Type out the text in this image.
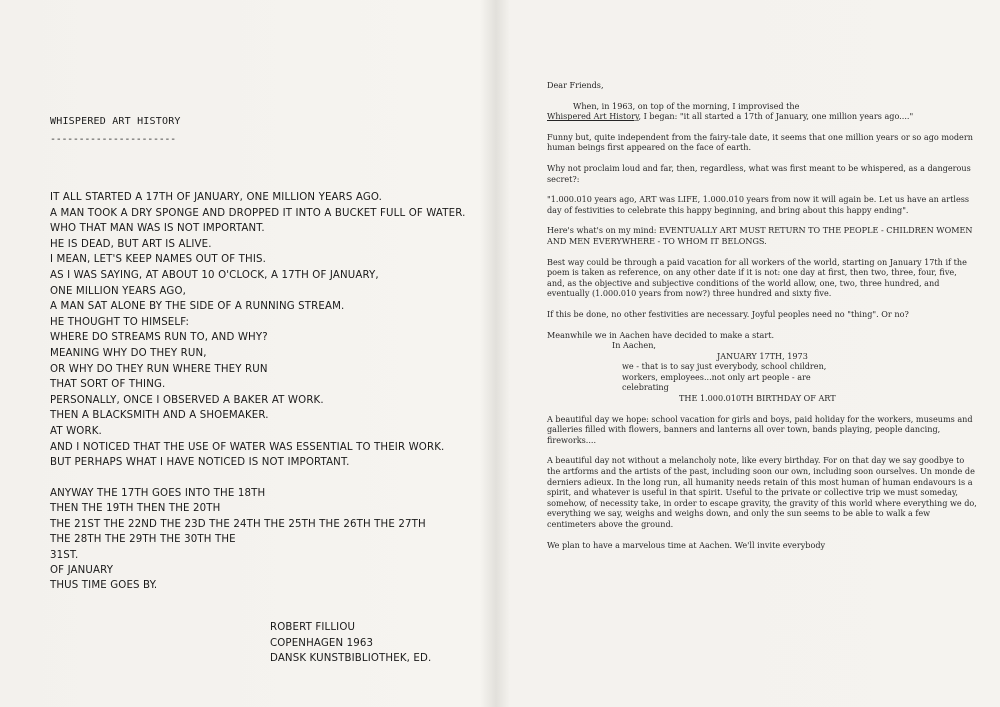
WHISPERED ART HISTORY
----------------------
IT ALL STARTED A 17TH OF JANUARY, ONE MILLION YEARS AGO.
A MAN TOOK A DRY SPONGE AND DROPPED IT INTO A BUCKET FULL OF WATER.
WHO THAT MAN WAS IS NOT IMPORTANT.
HE IS DEAD, BUT ART IS ALIVE.
I MEAN, LET'S KEEP NAMES OUT OF THIS.
AS I WAS SAYING, AT ABOUT 10 O'CLOCK, A 17TH OF JANUARY,
ONE MILLION YEARS AGO,
A MAN SAT ALONE BY THE SIDE OF A RUNNING STREAM.
HE THOUGHT TO HIMSELF:
WHERE DO STREAMS RUN TO, AND WHY?
MEANING WHY DO THEY RUN,
OR WHY DO THEY RUN WHERE THEY RUN
THAT SORT OF THING.
PERSONALLY, ONCE I OBSERVED A BAKER AT WORK.
THEN A BLACKSMITH AND A SHOEMAKER.
AT WORK.
AND I NOTICED THAT THE USE OF WATER WAS ESSENTIAL TO THEIR WORK.
BUT PERHAPS WHAT I HAVE NOTICED IS NOT IMPORTANT.
ANYWAY THE 17TH GOES INTO THE 18TH
THEN THE 19TH THEN THE 20TH
THE 21ST THE 22ND THE 23D THE 24TH THE 25TH THE 26TH THE 27TH
THE 28TH THE 29TH THE 30TH THE
31ST.
OF JANUARY
THUS TIME GOES BY.
ROBERT FILLIOU
COPENHAGEN 1963
DANSK KUNSTBIBLIOTHEK, ED.

Dear Friends,

When, in 1963, on top of the morning, I improvised the
Whispered Art History, I began: "it all started a 17th of January, one million years ago...."

Funny but, quite independent from the fairy-tale date, it seems that one million years or so ago modern human beings first appeared on the face of earth.

Why not proclaim loud and far, then, regardless, what was first meant to be whispered, as a dangerous secret?:

"1.000.010 years ago, ART was LIFE, 1.000.010 years from now it will again be. Let us have an artless day of festivities to celebrate this happy beginning, and bring about this happy ending".

Here's what's on my mind: EVENTUALLY ART MUST RETURN TO THE PEOPLE - CHILDREN WOMEN AND MEN EVERYWHERE - TO WHOM IT BELONGS.

Best way could be through a paid vacation for all workers of the world, starting on January 17th if the poem is taken as reference, on any other date if it is not: one day at first, then two, three, four, five, and, as the objective and subjective conditions of the world allow, one, two, three hundred, and eventually (1.000.010 years from now?) three hundred and sixty five.

If this be done, no other festivities are necessary. Joyful peoples need no "thing". Or no?

Meanwhile we in Aachen have decided to make a start.
In Aachen,
JANUARY 17TH, 1973
we - that is to say just everybody, school children,
workers, employees...not only art people - are
celebrating
THE 1.000.010TH BIRTHDAY OF ART

A beautiful day we hope: school vacation for girls and boys, paid holiday for the workers, museums and galleries filled with flowers, banners and lanterns all over town, bands playing, people dancing, fireworks....

A beautiful day not without a melancholy note, like every birthday. For on that day we say goodbye to the artforms and the artists of the past, including soon our own, including soon ourselves. Un monde de derniers adieux. In the long run, all humanity needs retain of this most human of human endavours is a spirit, and whatever is useful in that spirit. Useful to the private or collective trip we must someday, somehow, of necessity take, in order to escape gravity, the gravity of this world where everything we do, everything we say, weighs and weighs down, and only the sun seems to be able to walk a few centimeters above the ground.

We plan to have a marvelous time at Aachen. We'll invite everybody
